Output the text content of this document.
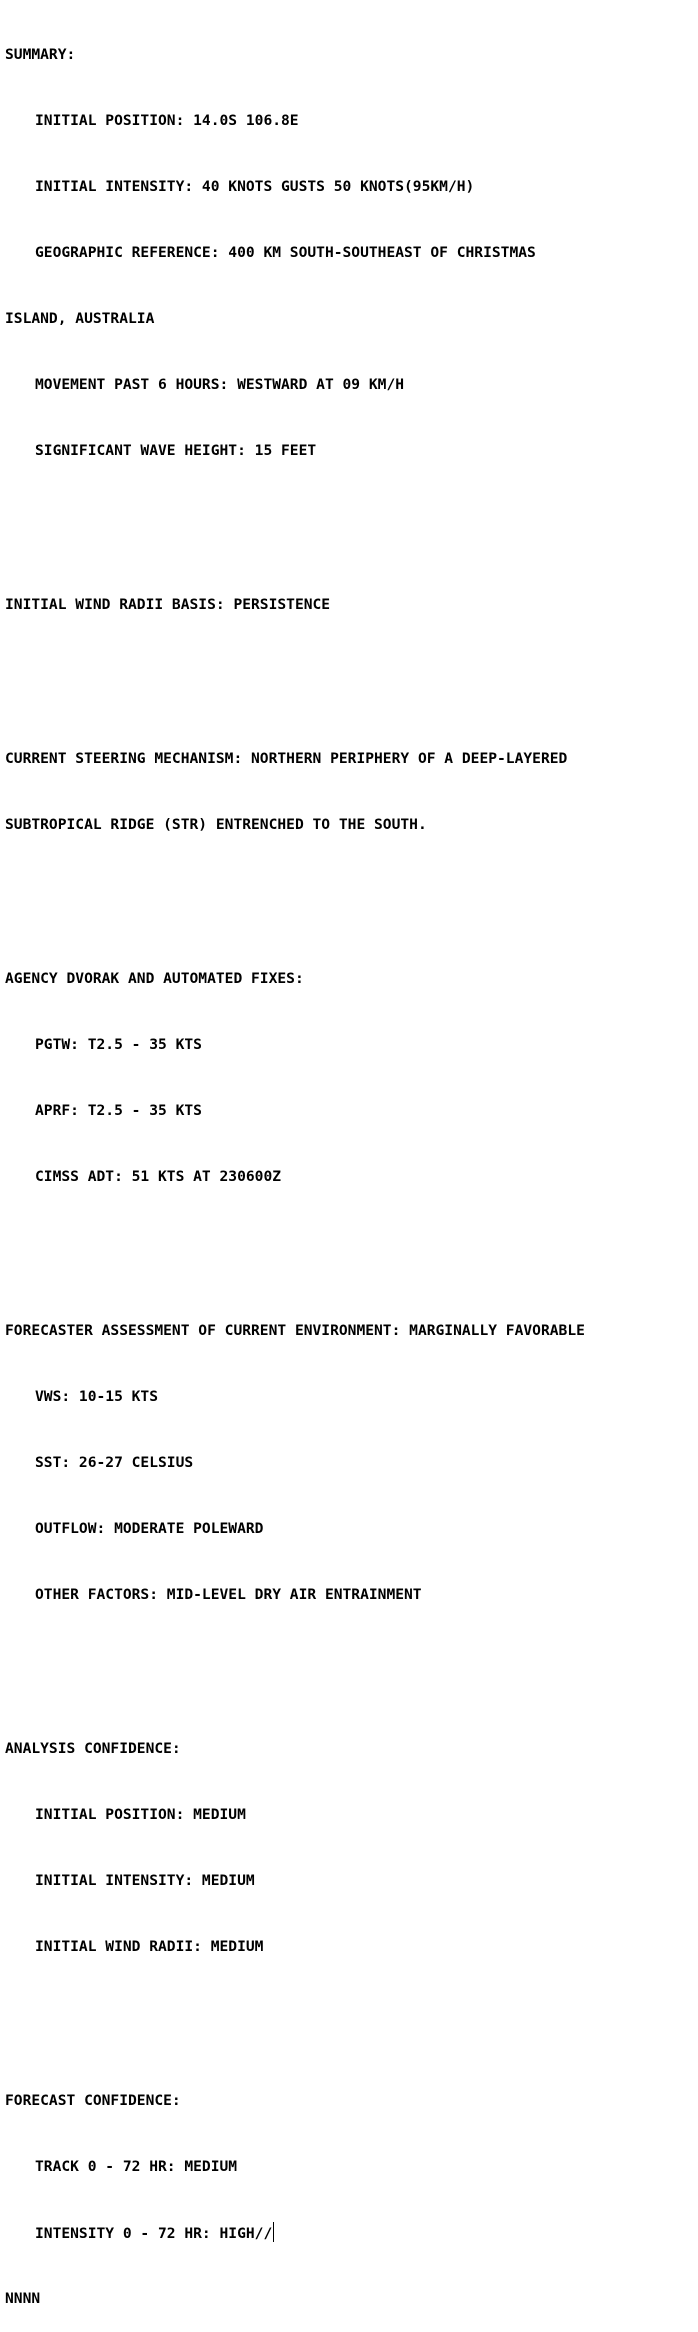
SUMMARY:

INITIAL POSITION: 14.0S 106.8E

INITIAL INTENSITY: 40 KNOTS GUSTS 50 KNOTS(95KM/H)

GEOGRAPHIC REFERENCE: 400 KM SOUTH-SOUTHEAST OF CHRISTMAS

ISLAND, AUSTRALIA

MOVEMENT PAST 6 HOURS: WESTWARD AT 09 KM/H

SIGNIFICANT WAVE HEIGHT: 15 FEET

INITIAL WIND RADII BASIS: PERSISTENCE

CURRENT STEERING MECHANISM: NORTHERN PERIPHERY OF A DEEP-LAYERED

SUBTROPICAL RIDGE (STR) ENTRENCHED TO THE SOUTH.

AGENCY DVORAK AND AUTOMATED FIXES:

PGTW: T2.5 - 35 KTS

APRF: T2.5 - 35 KTS

CIMSS ADT: 51 KTS AT 230600Z

FORECASTER ASSESSMENT OF CURRENT ENVIRONMENT: MARGINALLY FAVORABLE

VWS: 10-15 KTS

SST: 26-27 CELSIUS

OUTFLOW: MODERATE POLEWARD

OTHER FACTORS: MID-LEVEL DRY AIR ENTRAINMENT

ANALYSIS CONFIDENCE:

INITIAL POSITION: MEDIUM

INITIAL INTENSITY: MEDIUM

INITIAL WIND RADII: MEDIUM

FORECAST CONFIDENCE:

TRACK 0 - 72 HR: MEDIUM

INTENSITY 0 - 72 HR: HIGH//

NNNN
